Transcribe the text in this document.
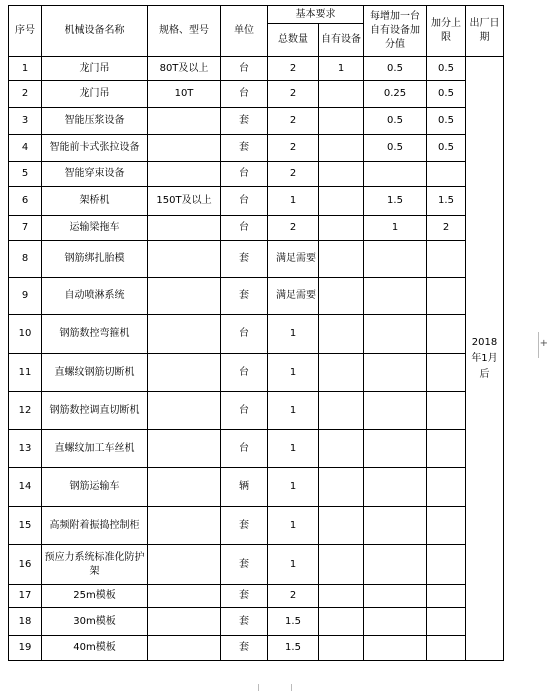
序号	机械设备名称	规格、型号	单位	基本要求		每增加一台自有设备加分值	加分上限	出厂日期
				总数量	自有设备			
1	龙门吊	80T及以上	台	2	1	0.5	0.5	2018年1月后
2	龙门吊	10T	台	2		0.25	0.5	
3	智能压浆设备		套	2		0.5	0.5	
4	智能前卡式张拉设备		套	2		0.5	0.5	
5	智能穿束设备		台	2				
6	架桥机	150T及以上	台	1		1.5	1.5	
7	运输梁拖车		台	2		1	2	
8	钢筋绑扎胎模		套	满足需要				
9	自动喷淋系统		套	满足需要				
10	钢筋数控弯箍机		台	1				
11	直螺纹钢筋切断机		台	1				
12	钢筋数控调直切断机		台	1				
13	直螺纹加工车丝机		台	1				
14	钢筋运输车		辆	1				
15	高频附着振捣控制柜		套	1				
16	预应力系统标准化防护架		套	1				
17	25m模板		套	2				
18	30m模板		套	1.5				
19	40m模板		套	1.5				
+
